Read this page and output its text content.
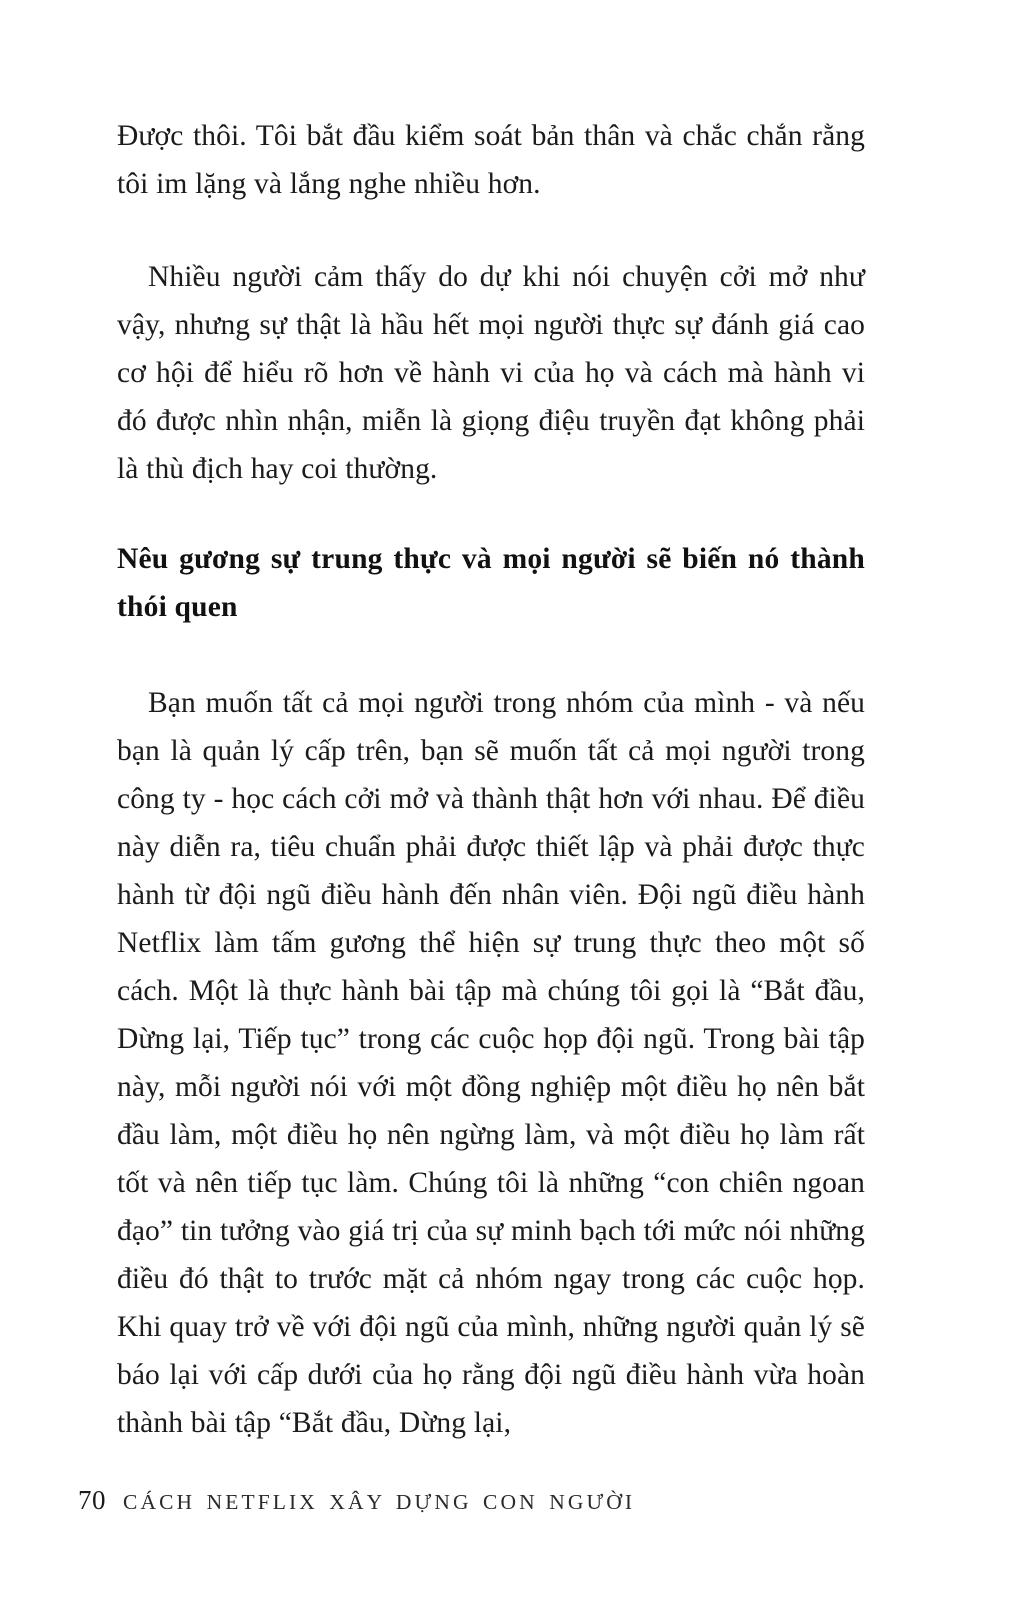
Được thôi. Tôi bắt đầu kiểm soát bản thân và chắc chắn rằng tôi im lặng và lắng nghe nhiều hơn.

Nhiều người cảm thấy do dự khi nói chuyện cởi mở như vậy, nhưng sự thật là hầu hết mọi người thực sự đánh giá cao cơ hội để hiểu rõ hơn về hành vi của họ và cách mà hành vi đó được nhìn nhận, miễn là giọng điệu truyền đạt không phải là thù địch hay coi thường.

Nêu gương sự trung thực và mọi người sẽ biến nó thành thói quen

Bạn muốn tất cả mọi người trong nhóm của mình - và nếu bạn là quản lý cấp trên, bạn sẽ muốn tất cả mọi người trong công ty - học cách cởi mở và thành thật hơn với nhau. Để điều này diễn ra, tiêu chuẩn phải được thiết lập và phải được thực hành từ đội ngũ điều hành đến nhân viên. Đội ngũ điều hành Netflix làm tấm gương thể hiện sự trung thực theo một số cách. Một là thực hành bài tập mà chúng tôi gọi là “Bắt đầu, Dừng lại, Tiếp tục” trong các cuộc họp đội ngũ. Trong bài tập này, mỗi người nói với một đồng nghiệp một điều họ nên bắt đầu làm, một điều họ nên ngừng làm, và một điều họ làm rất tốt và nên tiếp tục làm. Chúng tôi là những “con chiên ngoan đạo” tin tưởng vào giá trị của sự minh bạch tới mức nói những điều đó thật to trước mặt cả nhóm ngay trong các cuộc họp. Khi quay trở về với đội ngũ của mình, những người quản lý sẽ báo lại với cấp dưới của họ rằng đội ngũ điều hành vừa hoàn thành bài tập “Bắt đầu, Dừng lại,

70 CÁCH NETFLIX XÂY DỰNG CON NGƯỜI
